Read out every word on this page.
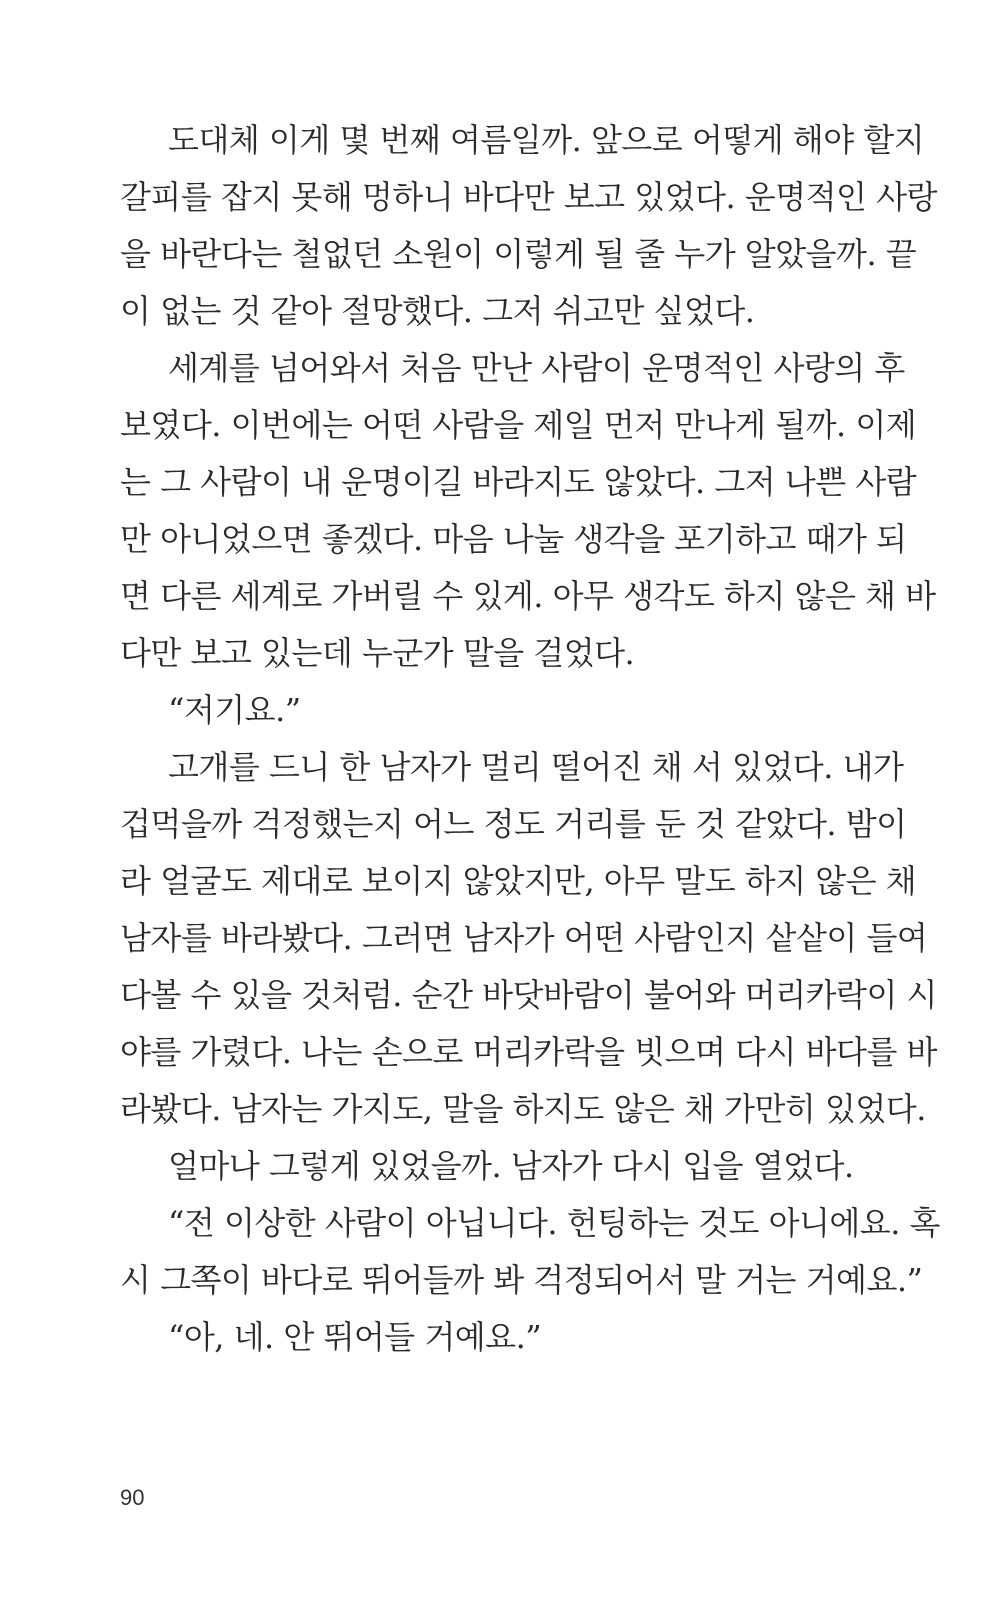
도대체 이게 몇 번째 여름일까. 앞으로 어떻게 해야 할지
갈피를 잡지 못해 멍하니 바다만 보고 있었다. 운명적인 사랑
을 바란다는 철없던 소원이 이렇게 될 줄 누가 알았을까. 끝
이 없는 것 같아 절망했다. 그저 쉬고만 싶었다.
세계를 넘어와서 처음 만난 사람이 운명적인 사랑의 후
보였다. 이번에는 어떤 사람을 제일 먼저 만나게 될까. 이제
는 그 사람이 내 운명이길 바라지도 않았다. 그저 나쁜 사람
만 아니었으면 좋겠다. 마음 나눌 생각을 포기하고 때가 되
면 다른 세계로 가버릴 수 있게. 아무 생각도 하지 않은 채 바
다만 보고 있는데 누군가 말을 걸었다.
“저기요.”
고개를 드니 한 남자가 멀리 떨어진 채 서 있었다. 내가
겁먹을까 걱정했는지 어느 정도 거리를 둔 것 같았다. 밤이
라 얼굴도 제대로 보이지 않았지만, 아무 말도 하지 않은 채
남자를 바라봤다. 그러면 남자가 어떤 사람인지 샅샅이 들여
다볼 수 있을 것처럼. 순간 바닷바람이 불어와 머리카락이 시
야를 가렸다. 나는 손으로 머리카락을 빗으며 다시 바다를 바
라봤다. 남자는 가지도, 말을 하지도 않은 채 가만히 있었다.
얼마나 그렇게 있었을까. 남자가 다시 입을 열었다.
“전 이상한 사람이 아닙니다. 헌팅하는 것도 아니에요. 혹
시 그쪽이 바다로 뛰어들까 봐 걱정되어서 말 거는 거예요.”
“아, 네. 안 뛰어들 거예요.”
90
